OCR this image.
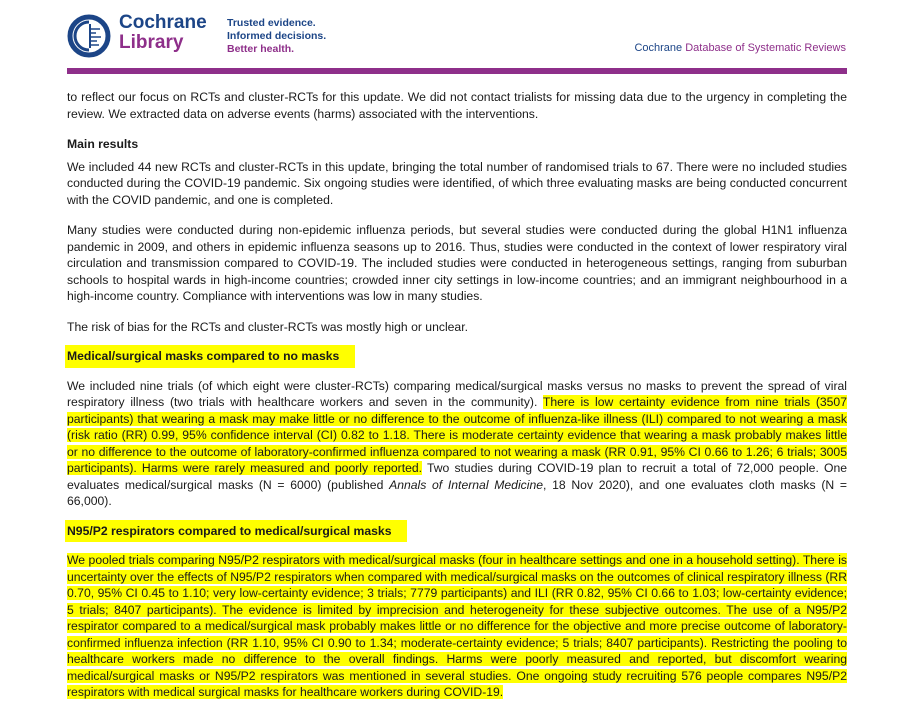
Cochrane
Library
Trusted evidence.
Informed decisions.
Better health.	Cochrane Database of Systematic Reviews

to reflect our focus on RCTs and cluster-RCTs for this update. We did not contact trialists for missing data due to the urgency in completing the review. We extracted data on adverse events (harms) associated with the interventions.

Main results

We included 44 new RCTs and cluster-RCTs in this update, bringing the total number of randomised trials to 67. There were no included studies conducted during the COVID-19 pandemic. Six ongoing studies were identified, of which three evaluating masks are being conducted concurrent with the COVID pandemic, and one is completed.

Many studies were conducted during non-epidemic influenza periods, but several studies were conducted during the global H1N1 influenza pandemic in 2009, and others in epidemic influenza seasons up to 2016. Thus, studies were conducted in the context of lower respiratory viral circulation and transmission compared to COVID-19. The included studies were conducted in heterogeneous settings, ranging from suburban schools to hospital wards in high-income countries; crowded inner city settings in low-income countries; and an immigrant neighbourhood in a high-income country. Compliance with interventions was low in many studies.

The risk of bias for the RCTs and cluster-RCTs was mostly high or unclear.

Medical/surgical masks compared to no masks

We included nine trials (of which eight were cluster-RCTs) comparing medical/surgical masks versus no masks to prevent the spread of viral respiratory illness (two trials with healthcare workers and seven in the community). There is low certainty evidence from nine trials (3507 participants) that wearing a mask may make little or no difference to the outcome of influenza-like illness (ILI) compared to not wearing a mask (risk ratio (RR) 0.99, 95% confidence interval (CI) 0.82 to 1.18. There is moderate certainty evidence that wearing a mask probably makes little or no difference to the outcome of laboratory-confirmed influenza compared to not wearing a mask (RR 0.91, 95% CI 0.66 to 1.26; 6 trials; 3005 participants). Harms were rarely measured and poorly reported. Two studies during COVID-19 plan to recruit a total of 72,000 people. One evaluates medical/surgical masks (N = 6000) (published Annals of Internal Medicine, 18 Nov 2020), and one evaluates cloth masks (N = 66,000).

N95/P2 respirators compared to medical/surgical masks

We pooled trials comparing N95/P2 respirators with medical/surgical masks (four in healthcare settings and one in a household setting). There is uncertainty over the effects of N95/P2 respirators when compared with medical/surgical masks on the outcomes of clinical respiratory illness (RR 0.70, 95% CI 0.45 to 1.10; very low-certainty evidence; 3 trials; 7779 participants) and ILI (RR 0.82, 95% CI 0.66 to 1.03; low-certainty evidence; 5 trials; 8407 participants). The evidence is limited by imprecision and heterogeneity for these subjective outcomes. The use of a N95/P2 respirator compared to a medical/surgical mask probably makes little or no difference for the objective and more precise outcome of laboratory-confirmed influenza infection (RR 1.10, 95% CI 0.90 to 1.34; moderate-certainty evidence; 5 trials; 8407 participants). Restricting the pooling to healthcare workers made no difference to the overall findings. Harms were poorly measured and reported, but discomfort wearing medical/surgical masks or N95/P2 respirators was mentioned in several studies. One ongoing study recruiting 576 people compares N95/P2 respirators with medical surgical masks for healthcare workers during COVID-19.
